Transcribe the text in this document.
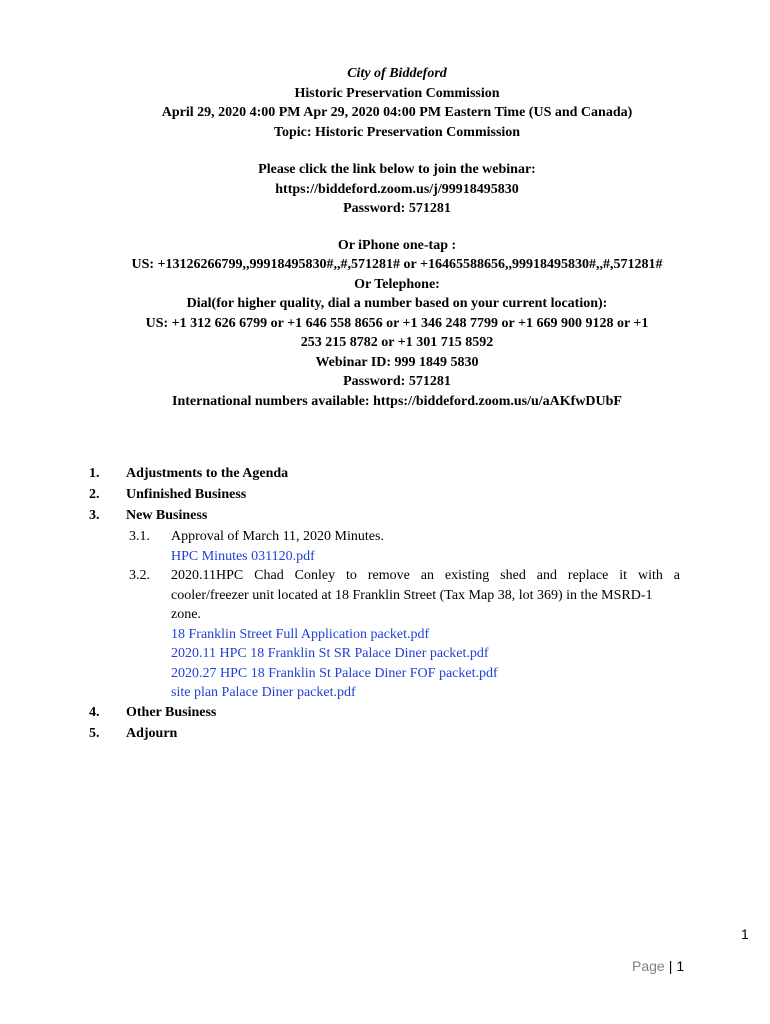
City of Biddeford
Historic Preservation Commission
April 29, 2020 4:00 PM Apr 29, 2020 04:00 PM Eastern Time (US and Canada)
Topic: Historic Preservation Commission
Please click the link below to join the webinar:
https://biddeford.zoom.us/j/99918495830
Password: 571281
Or iPhone one-tap :
US: +13126266799,,99918495830#,,#,571281# or +16465588656,,99918495830#,,#,571281#
Or Telephone:
Dial(for higher quality, dial a number based on your current location):
US: +1 312 626 6799 or +1 646 558 8656 or +1 346 248 7799 or +1 669 900 9128 or +1
253 215 8782 or +1 301 715 8592
Webinar ID: 999 1849 5830
Password: 571281
International numbers available: https://biddeford.zoom.us/u/aAKfwDUbF
1. Adjustments to the Agenda
2. Unfinished Business
3. New Business
3.1. Approval of March 11, 2020 Minutes.
HPC Minutes 031120.pdf
3.2. 2020.11HPC Chad Conley to remove an existing shed and replace it with a
cooler/freezer unit located at 18 Franklin Street (Tax Map 38, lot 369) in the MSRD-1
zone.
18 Franklin Street Full Application packet.pdf
2020.11 HPC 18 Franklin St SR Palace Diner packet.pdf
2020.27 HPC 18 Franklin St Palace Diner FOF packet.pdf
site plan Palace Diner packet.pdf
4. Other Business
5. Adjourn
1
Page | 1
